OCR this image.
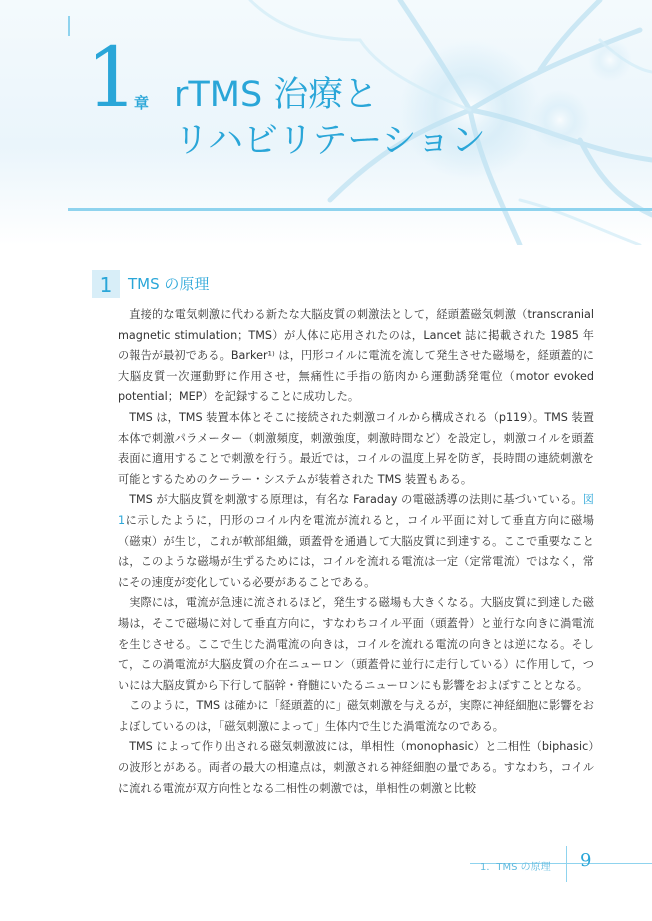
1
章 rTMS 治療と
リハビリテーション
1	TMS の原理

直接的な電気刺激に代わる新たな大脳皮質の刺激法として，経頭蓋磁気刺激（transcranial magnetic stimulation；TMS）が人体に応用されたのは，Lancet 誌に掲載された 1985 年の報告が最初である。Barker¹⁾ は，円形コイルに電流を流して発生させた磁場を，経頭蓋的に大脳皮質一次運動野に作用させ，無痛性に手指の筋肉から運動誘発電位（motor evoked potential；MEP）を記録することに成功した。

TMS は，TMS 装置本体とそこに接続された刺激コイルから構成される（p119）。TMS 装置本体で刺激パラメーター（刺激頻度，刺激強度，刺激時間など）を設定し，刺激コイルを頭蓋表面に適用することで刺激を行う。最近では，コイルの温度上昇を防ぎ，長時間の連続刺激を可能とするためのクーラー・システムが装着された TMS 装置もある。

TMS が大脳皮質を刺激する原理は，有名な Faraday の電磁誘導の法則に基づいている。図 1に示したように，円形のコイル内を電流が流れると，コイル平面に対して垂直方向に磁場（磁束）が生じ，これが軟部組織，頭蓋骨を通過して大脳皮質に到達する。ここで重要なことは，このような磁場が生ずるためには，コイルを流れる電流は一定（定常電流）ではなく，常にその速度が変化している必要があることである。

実際には，電流が急速に流されるほど，発生する磁場も大きくなる。大脳皮質に到達した磁場は，そこで磁場に対して垂直方向に，すなわちコイル平面（頭蓋骨）と並行な向きに渦電流を生じさせる。ここで生じた渦電流の向きは，コイルを流れる電流の向きとは逆になる。そして，この渦電流が大脳皮質の介在ニューロン（頭蓋骨に並行に走行している）に作用して，ついには大脳皮質から下行して脳幹・脊髄にいたるニューロンにも影響をおよぼすこととなる。

このように，TMS は確かに「経頭蓋的に」磁気刺激を与えるが，実際に神経細胞に影響をおよぼしているのは，「磁気刺激によって」生体内で生じた渦電流なのである。

TMS によって作り出される磁気刺激波には，単相性（monophasic）と二相性（biphasic）の波形とがある。両者の最大の相違点は，刺激される神経細胞の量である。すなわち，コイルに流れる電流が双方向性となる二相性の刺激では，単相性の刺激と比較

1．TMS の原理 9
